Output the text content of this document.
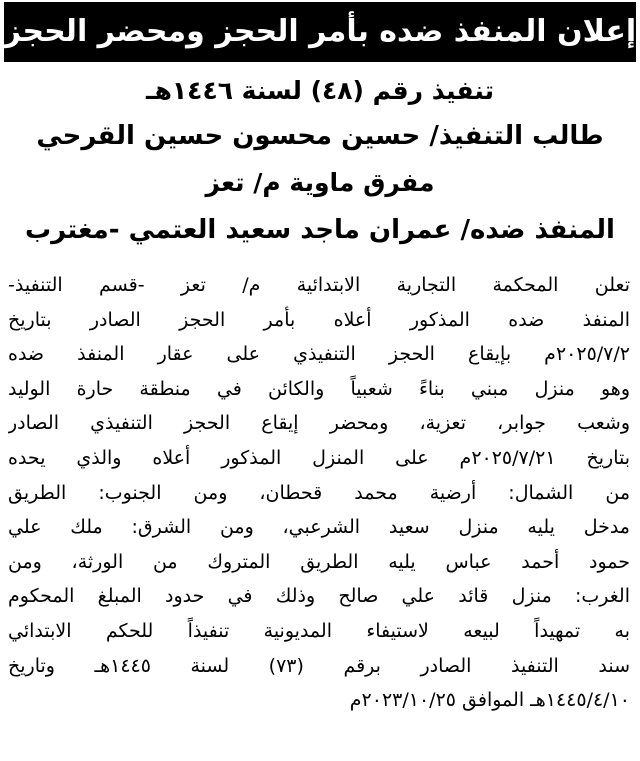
إعلان المنفذ ضده بأمر الحجز ومحضر الحجز
تنفيذ رقم (٤٨) لسنة ١٤٤٦هـ
طالب التنفيذ/ حسين محسون حسين القرحي
مفرق ماوية م/ تعز
المنفذ ضده/ عمران ماجد سعيد العتمي -مغترب
تعلن المحكمة التجارية الابتدائية م/ تعز -قسم التنفيذ-
المنفذ ضده المذكور أعلاه بأمر الحجز الصادر بتاريخ
٢٠٢٥/٧/٢م بإيقاع الحجز التنفيذي على عقار المنفذ ضده
وهو منزل مبني بناءً شعبياً والكائن في منطقة حارة الوليد
وشعب جوابر، تعزية، ومحضر إيقاع الحجز التنفيذي الصادر
بتاريخ ٢٠٢٥/٧/٢١م على المنزل المذكور أعلاه والذي يحده
من الشمال: أرضية محمد قحطان، ومن الجنوب: الطريق
مدخل يليه منزل سعيد الشرعبي، ومن الشرق: ملك علي
حمود أحمد عباس يليه الطريق المتروك من الورثة، ومن
الغرب: منزل قائد علي صالح وذلك في حدود المبلغ المحكوم
به تمهيداً لبيعه لاستيفاء المديونية تنفيذاً للحكم الابتدائي
سند التنفيذ الصادر برقم (٧٣) لسنة ١٤٤٥هـ وتاريخ
١٤٤٥/٤/١٠هـ الموافق ٢٠٢٣/١٠/٢٥م
